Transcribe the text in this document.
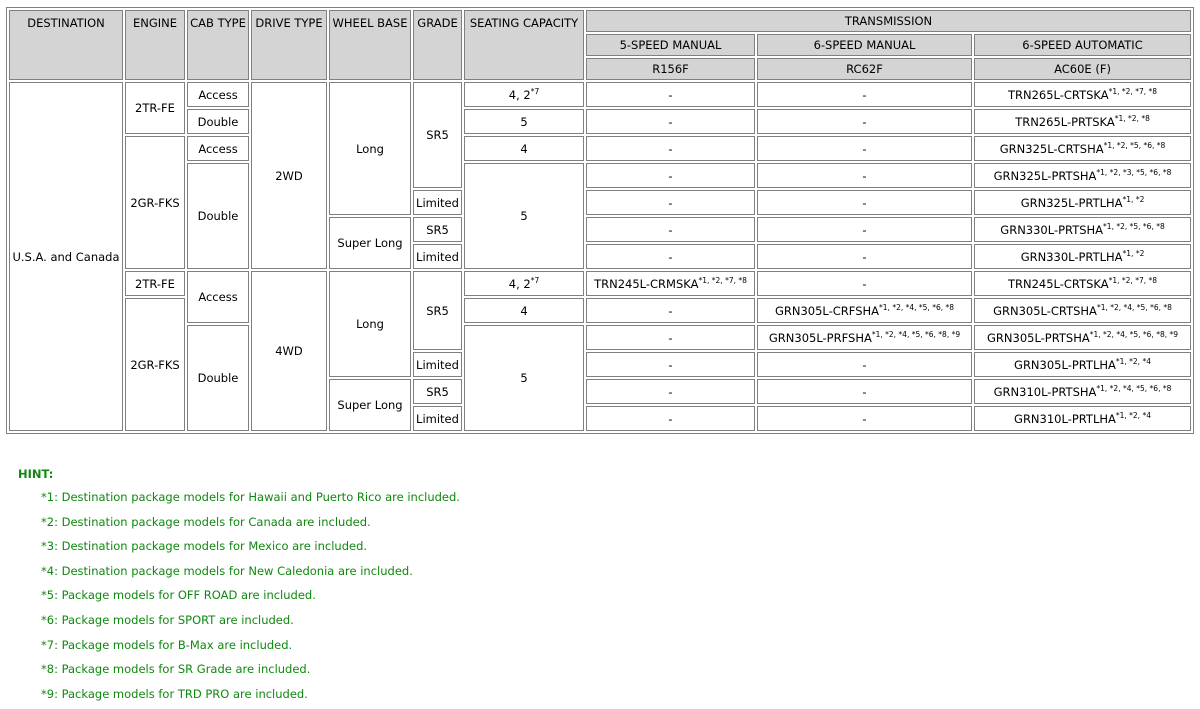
DESTINATION	ENGINE	CAB TYPE	DRIVE TYPE	WHEEL BASE	GRADE	SEATING CAPACITY	TRANSMISSION		
							5-SPEED MANUAL	6-SPEED MANUAL	6-SPEED AUTOMATIC
							R156F	RC62F	AC60E (F)
U.S.A. and Canada	2TR-FE	Access	2WD	Long	SR5	4, 2$^{*7}$	-	-	$TRN265L-CRTSKA^{*1, *2, *7, *8}$
		Double				5	-	-	$TRN265L-PRTSKA^{*1, *2, *8}$
	2GR-FKS	Access				4	-	-	$GRN325L-CRTSHA^{*1, *2, *5, *6, *8}$
		Double				5	-	-	$GRN325L-PRTSHA^{*1, *2, *3, *5, *6, *8}$
					Limited		-	-	$GRN325L-PRTLHA^{*1, *2}$
				Super Long	SR5		-	-	$GRN330L-PRTSHA^{*1, *2, *5, *6, *8}$
					Limited		-	-	$GRN330L-PRTLHA^{*1, *2}$
	2TR-FE	Access	4WD	Long	SR5	4, 2$^{*7}$	$TRN245L-CRMSKA^{*1, *2, *7, *8}$	-	$TRN245L-CRTSKA^{*1, *2, *7, *8}$
	2GR-FKS					4	-	$GRN305L-CRFSHA^{*1, *2, *4, *5, *6, *8}$	$GRN305L-CRTSHA^{*1, *2, *4, *5, *6, *8}$
		Double				5	-	$GRN305L-PRFSHA^{*1, *2, *4, *5, *6, *8, *9}$	$GRN305L-PRTSHA^{*1, *2, *4, *5, *6, *8, *9}$
					Limited		-	-	$GRN305L-PRTLHA^{*1, *2, *4}$
				Super Long	SR5		-	-	$GRN310L-PRTSHA^{*1, *2, *4, *5, *6, *8}$
					Limited		-	-	$GRN310L-PRTLHA^{*1, *2, *4}$
HINT:
*1: Destination package models for Hawaii and Puerto Rico are included.
*2: Destination package models for Canada are included.
*3: Destination package models for Mexico are included.
*4: Destination package models for New Caledonia are included.
*5: Package models for OFF ROAD are included.
*6: Package models for SPORT are included.
*7: Package models for B-Max are included.
*8: Package models for SR Grade are included.
*9: Package models for TRD PRO are included.
